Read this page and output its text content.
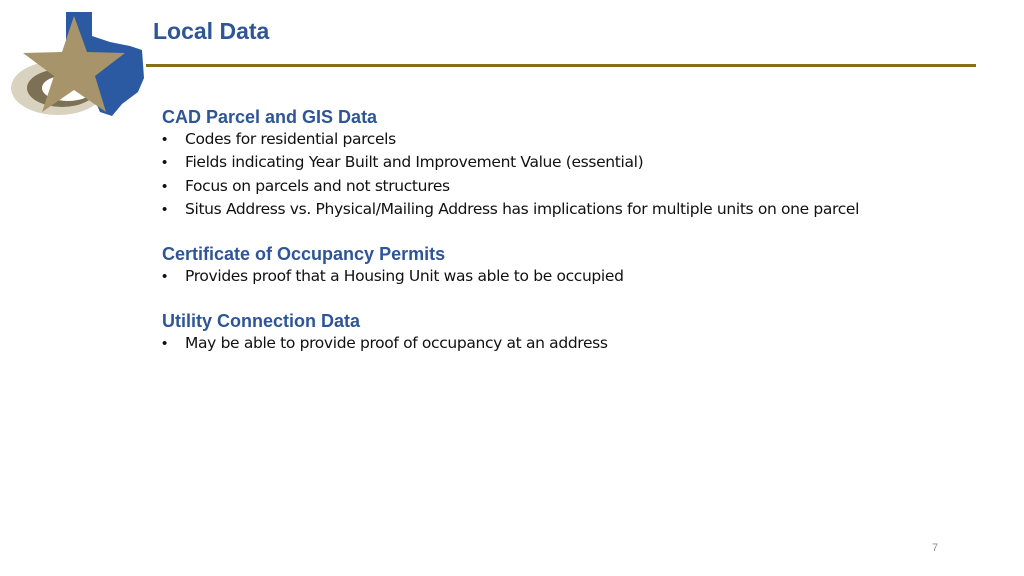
Local Data
CAD Parcel and GIS Data
• Codes for residential parcels
• Fields indicating Year Built and Improvement Value (essential)
• Focus on parcels and not structures
• Situs Address vs. Physical/Mailing Address has implications for multiple units on one parcel
Certificate of Occupancy Permits
• Provides proof that a Housing Unit was able to be occupied
Utility Connection Data
• May be able to provide proof of occupancy at an address
7
